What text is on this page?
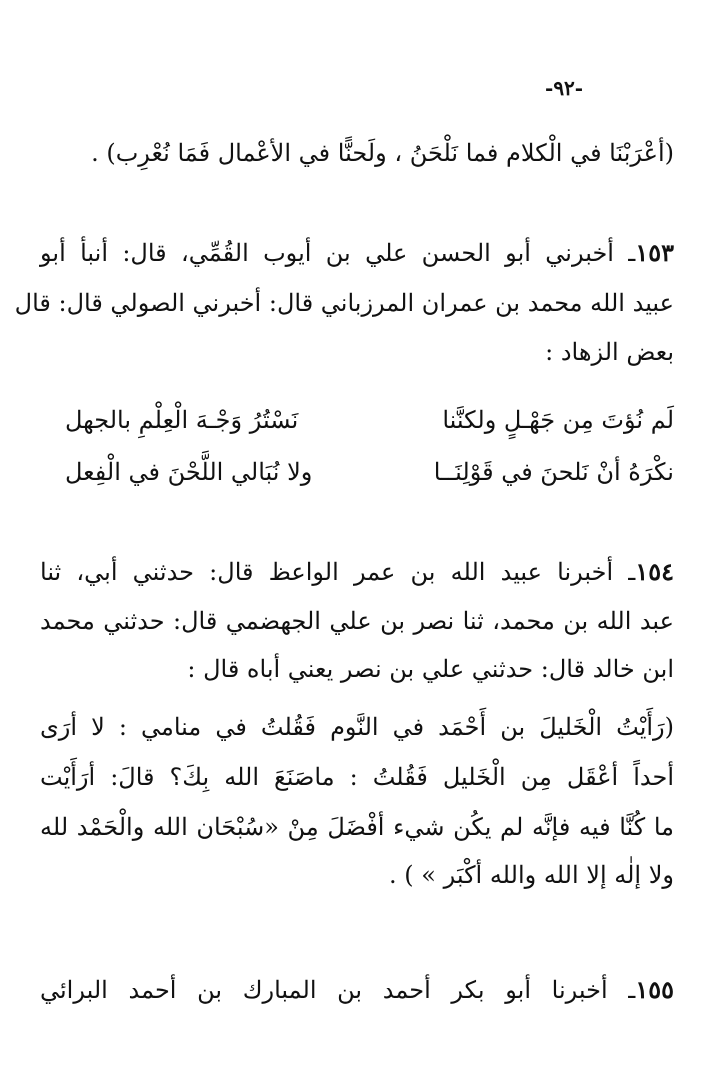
-٩٢-
(أعْرَبْنَا في الْكلام فما نَلْحَنُ ، ولَحنًّا في الأعْمال فَمَا نُعْرِب) .
١٥٣ـ أخبرني أبو الحسن علي بن أيوب القُمِّي، قال: أنبأ أبو
عبيد الله محمد بن عمران المرزباني قال: أخبرني الصولي قال: قال
بعض الزهاد :
لَم نُؤتَ مِن جَهْـلٍ ولكنَّنا
نَسْتُرُ وَجْـهَ الْعِلْمِ بالجهل
نكْرَهُ أنْ نَلحنَ في قَوْلِنَــا
ولا نُبَالي اللَّحْنَ في الْفِعل
١٥٤ـ أخبرنا عبيد الله بن عمر الواعظ قال: حدثني أبي، ثنا
عبد الله بن محمد، ثنا نصر بن علي الجهضمي قال: حدثني محمد
ابن خالد قال: حدثني علي بن نصر يعني أباه قال :
(رَأَيْتُ الْخَليلَ بن أَحْمَد في النَّوم فَقُلتُ في منامي : لا أرَى
أحداً أعْقَل مِن الْخَليل فَقُلتُ : ماصَنَعَ الله بِكَ؟ قالَ: أرَأَيْت
ما كُنَّا فيه فإنَّه لم يكُن شيء أفْضَلَ مِنْ «سُبْحَان الله والْحَمْد لله
ولا إلٰه إلا الله والله أكْبَر » ) .
١٥٥ـ أخبرنا أبو بكر أحمد بن المبارك بن أحمد البرائي
